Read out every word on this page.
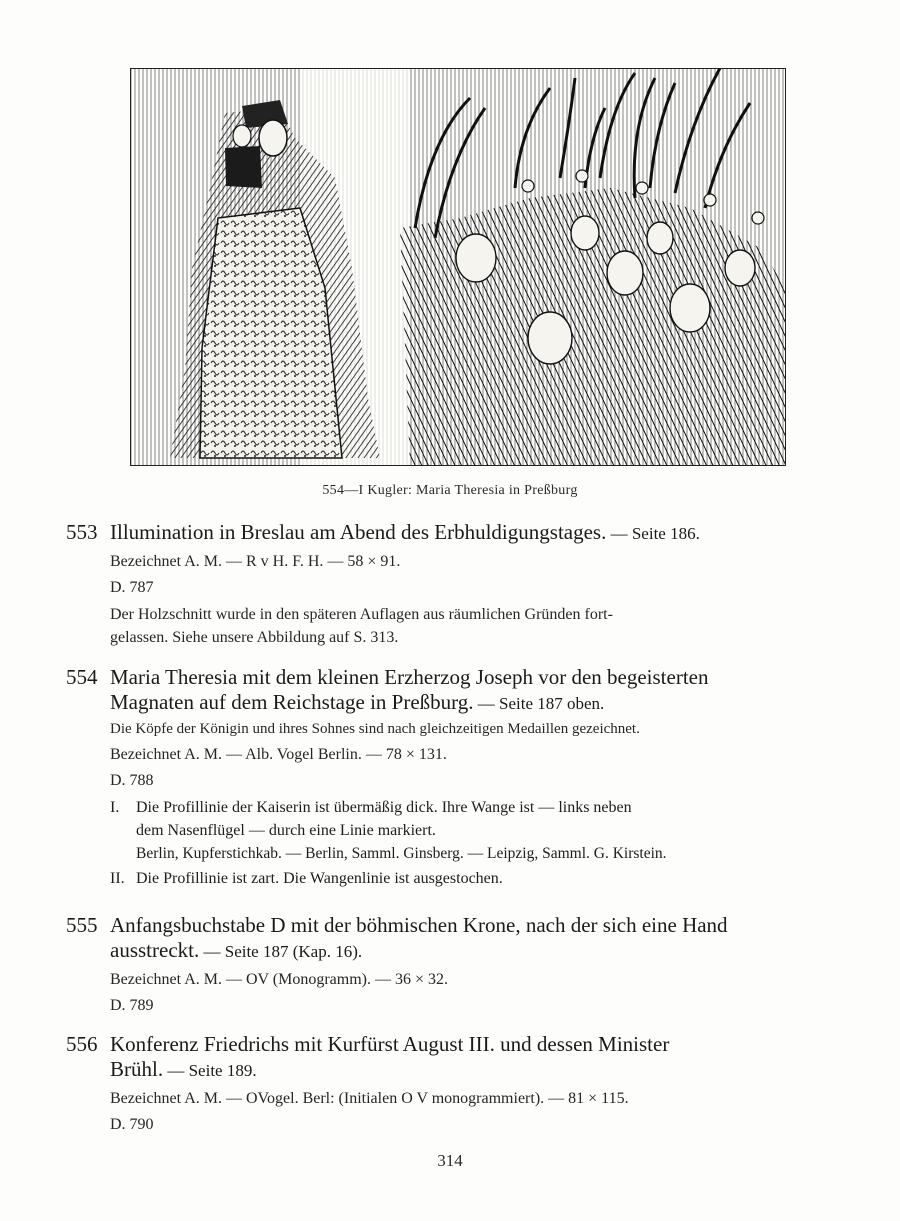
554—I Kugler: Maria Theresia in Preßburg
553 Illumination in Breslau am Abend des Erbhuldigungstages. — Seite 186.
Bezeichnet A. M. — R v H. F. H. — 58 × 91.
D. 787
Der Holzschnitt wurde in den späteren Auflagen aus räumlichen Gründen fort-
gelassen. Siehe unsere Abbildung auf S. 313.
554 Maria Theresia mit dem kleinen Erzherzog Joseph vor den begeisterten
Magnaten auf dem Reichstage in Preßburg. — Seite 187 oben.
Die Köpfe der Königin und ihres Sohnes sind nach gleichzeitigen Medaillen gezeichnet.
Bezeichnet A. M. — Alb. Vogel Berlin. — 78 × 131.
D. 788
I. Die Profillinie der Kaiserin ist übermäßig dick. Ihre Wange ist — links neben
dem Nasenflügel — durch eine Linie markiert.
Berlin, Kupferstichkab. — Berlin, Samml. Ginsberg. — Leipzig, Samml. G. Kirstein.
II. Die Profillinie ist zart. Die Wangenlinie ist ausgestochen.
555 Anfangsbuchstabe D mit der böhmischen Krone, nach der sich eine Hand
ausstreckt. — Seite 187 (Kap. 16).
Bezeichnet A. M. — OV (Monogramm). — 36 × 32.
D. 789
556 Konferenz Friedrichs mit Kurfürst August III. und dessen Minister
Brühl. — Seite 189.
Bezeichnet A. M. — OVogel. Berl: (Initialen O V monogrammiert). — 81 × 115.
D. 790
314
